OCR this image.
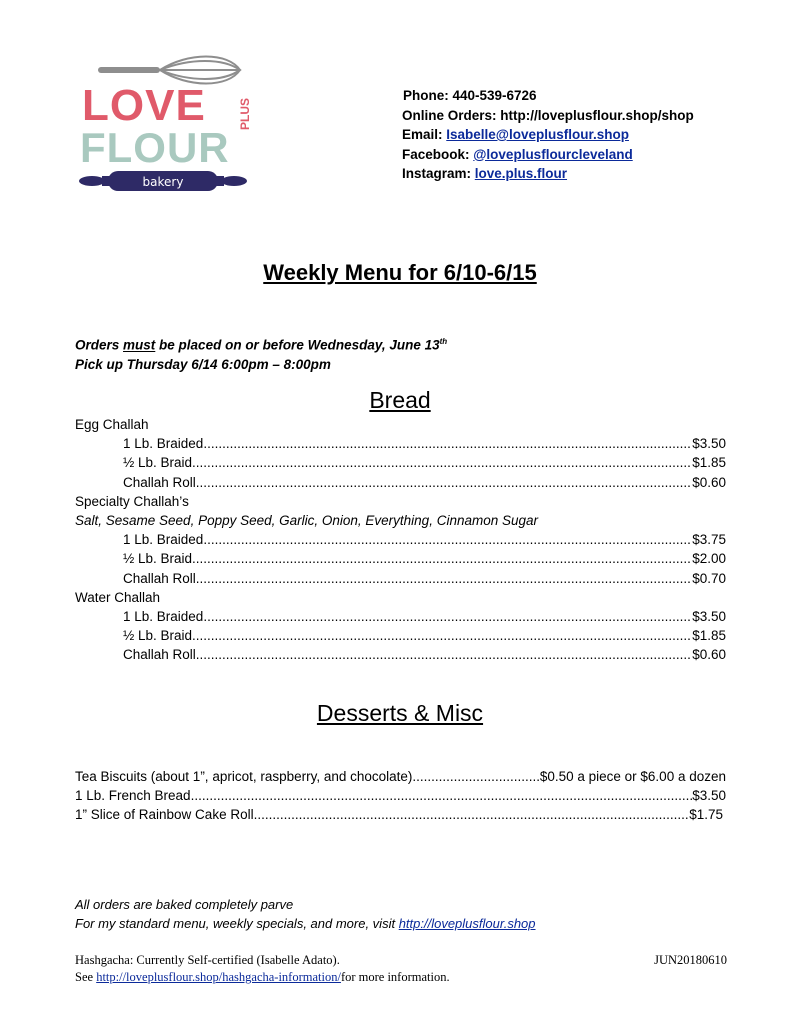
LOVE	PLUS
FLOUR
bakery
Phone: 440-539-6726
Online Orders: http://loveplusflour.shop/shop
Email: Isabelle@loveplusflour.shop
Facebook: @loveplusflourcleveland
Instagram: love.plus.flour
Weekly Menu for 6/10-6/15
Orders must be placed on or before Wednesday, June 13th
Pick up Thursday 6/14 6:00pm – 8:00pm
Bread
Egg Challah
1 Lb. Braided .....	$3.50
½ Lb. Braid .....	$1.85
Challah Roll .....	$0.60
Specialty Challah’s
Salt, Sesame Seed, Poppy Seed, Garlic, Onion, Everything, Cinnamon Sugar
1 Lb. Braided .....	$3.75
½ Lb. Braid .....	$2.00
Challah Roll .....	$0.70
Water Challah
1 Lb. Braided .....	$3.50
½ Lb. Braid .....	$1.85
Challah Roll .....	$0.60
Desserts & Misc
Tea Biscuits (about 1”, apricot, raspberry, and chocolate) .....	$0.50 a piece or $6.00 a dozen
1 Lb. French Bread .....	$3.50
1” Slice of Rainbow Cake Roll .....	$1.75
All orders are baked completely parve
For my standard menu, weekly specials, and more, visit http://loveplusflour.shop
Hashgacha: Currently Self-certified (Isabelle Adato).	JUN20180610
See http://loveplusflour.shop/hashgacha-information/for more information.
